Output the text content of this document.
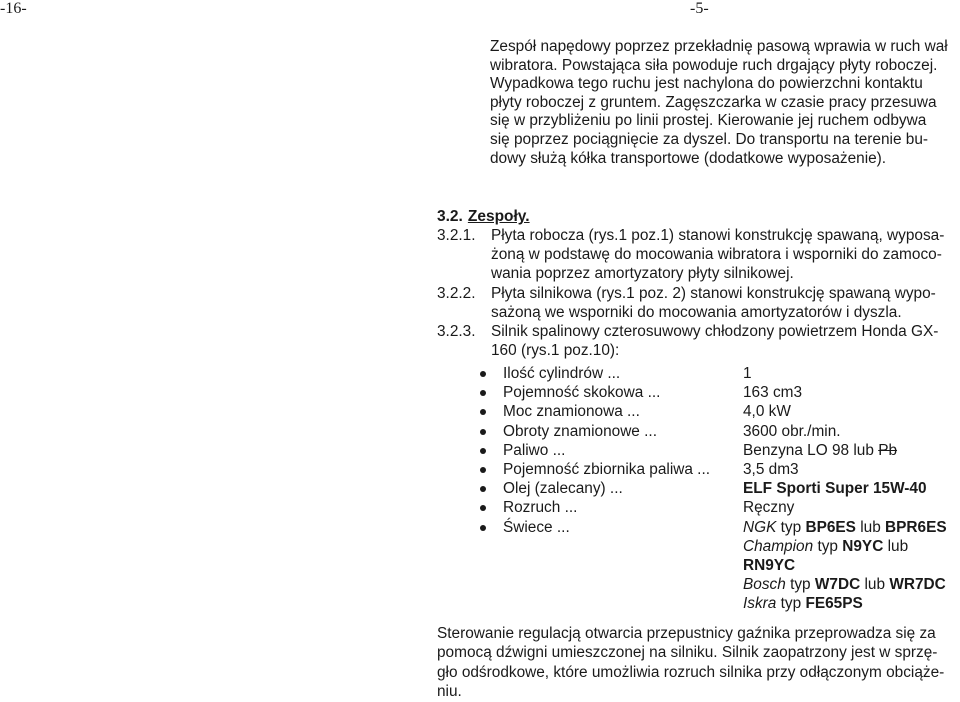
-16-	-5-
Zespół napędowy poprzez przekładnię pasową wprawia w ruch wał
wibratora. Powstająca siła powoduje ruch drgający płyty roboczej.
Wypadkowa tego ruchu jest nachylona do powierzchni kontaktu
płyty roboczej z gruntem. Zagęszczarka w czasie pracy przesuwa
się w przybliżeniu po linii prostej. Kierowanie jej ruchem odbywa
się poprzez pociągnięcie za dyszel. Do transportu na terenie bu-
dowy służą kółka transportowe (dodatkowe wyposażenie).
3.2. Zespoły.
3.2.1. Płyta robocza (rys.1 poz.1) stanowi konstrukcję spawaną, wyposa-
żoną w podstawę do mocowania wibratora i wsporniki do zamoco-
wania poprzez amortyzatory płyty silnikowej.
3.2.2. Płyta silnikowa (rys.1 poz. 2) stanowi konstrukcję spawaną wypo-
sażoną we wsporniki do mocowania amortyzatorów i dyszla.
3.2.3. Silnik spalinowy czterosuwowy chłodzony powietrzem Honda GX-
160 (rys.1 poz.10):
Ilość cylindrów ...	1
Pojemność skokowa ...	163 cm3
Moc znamionowa ...	4,0 kW
Obroty znamionowe ...	3600 obr./min.
Paliwo ...	Benzyna LO 98 lub Pb
Pojemność zbiornika paliwa ... 3,5 dm3
Olej (zalecany) ...	ELF Sporti Super 15W-40
Rozruch ...	Ręczny
Świece ...	NGK typ BP6ES lub BPR6ES
Champion typ N9YC lub
RN9YC
Bosch typ W7DC lub WR7DC
Iskra typ FE65PS
Sterowanie regulacją otwarcia przepustnicy gaźnika przeprowadza się za
pomocą dźwigni umieszczonej na silniku. Silnik zaopatrzony jest w sprzę-
gło odśrodkowe, które umożliwia rozruch silnika przy odłączonym obciąże-
niu.
